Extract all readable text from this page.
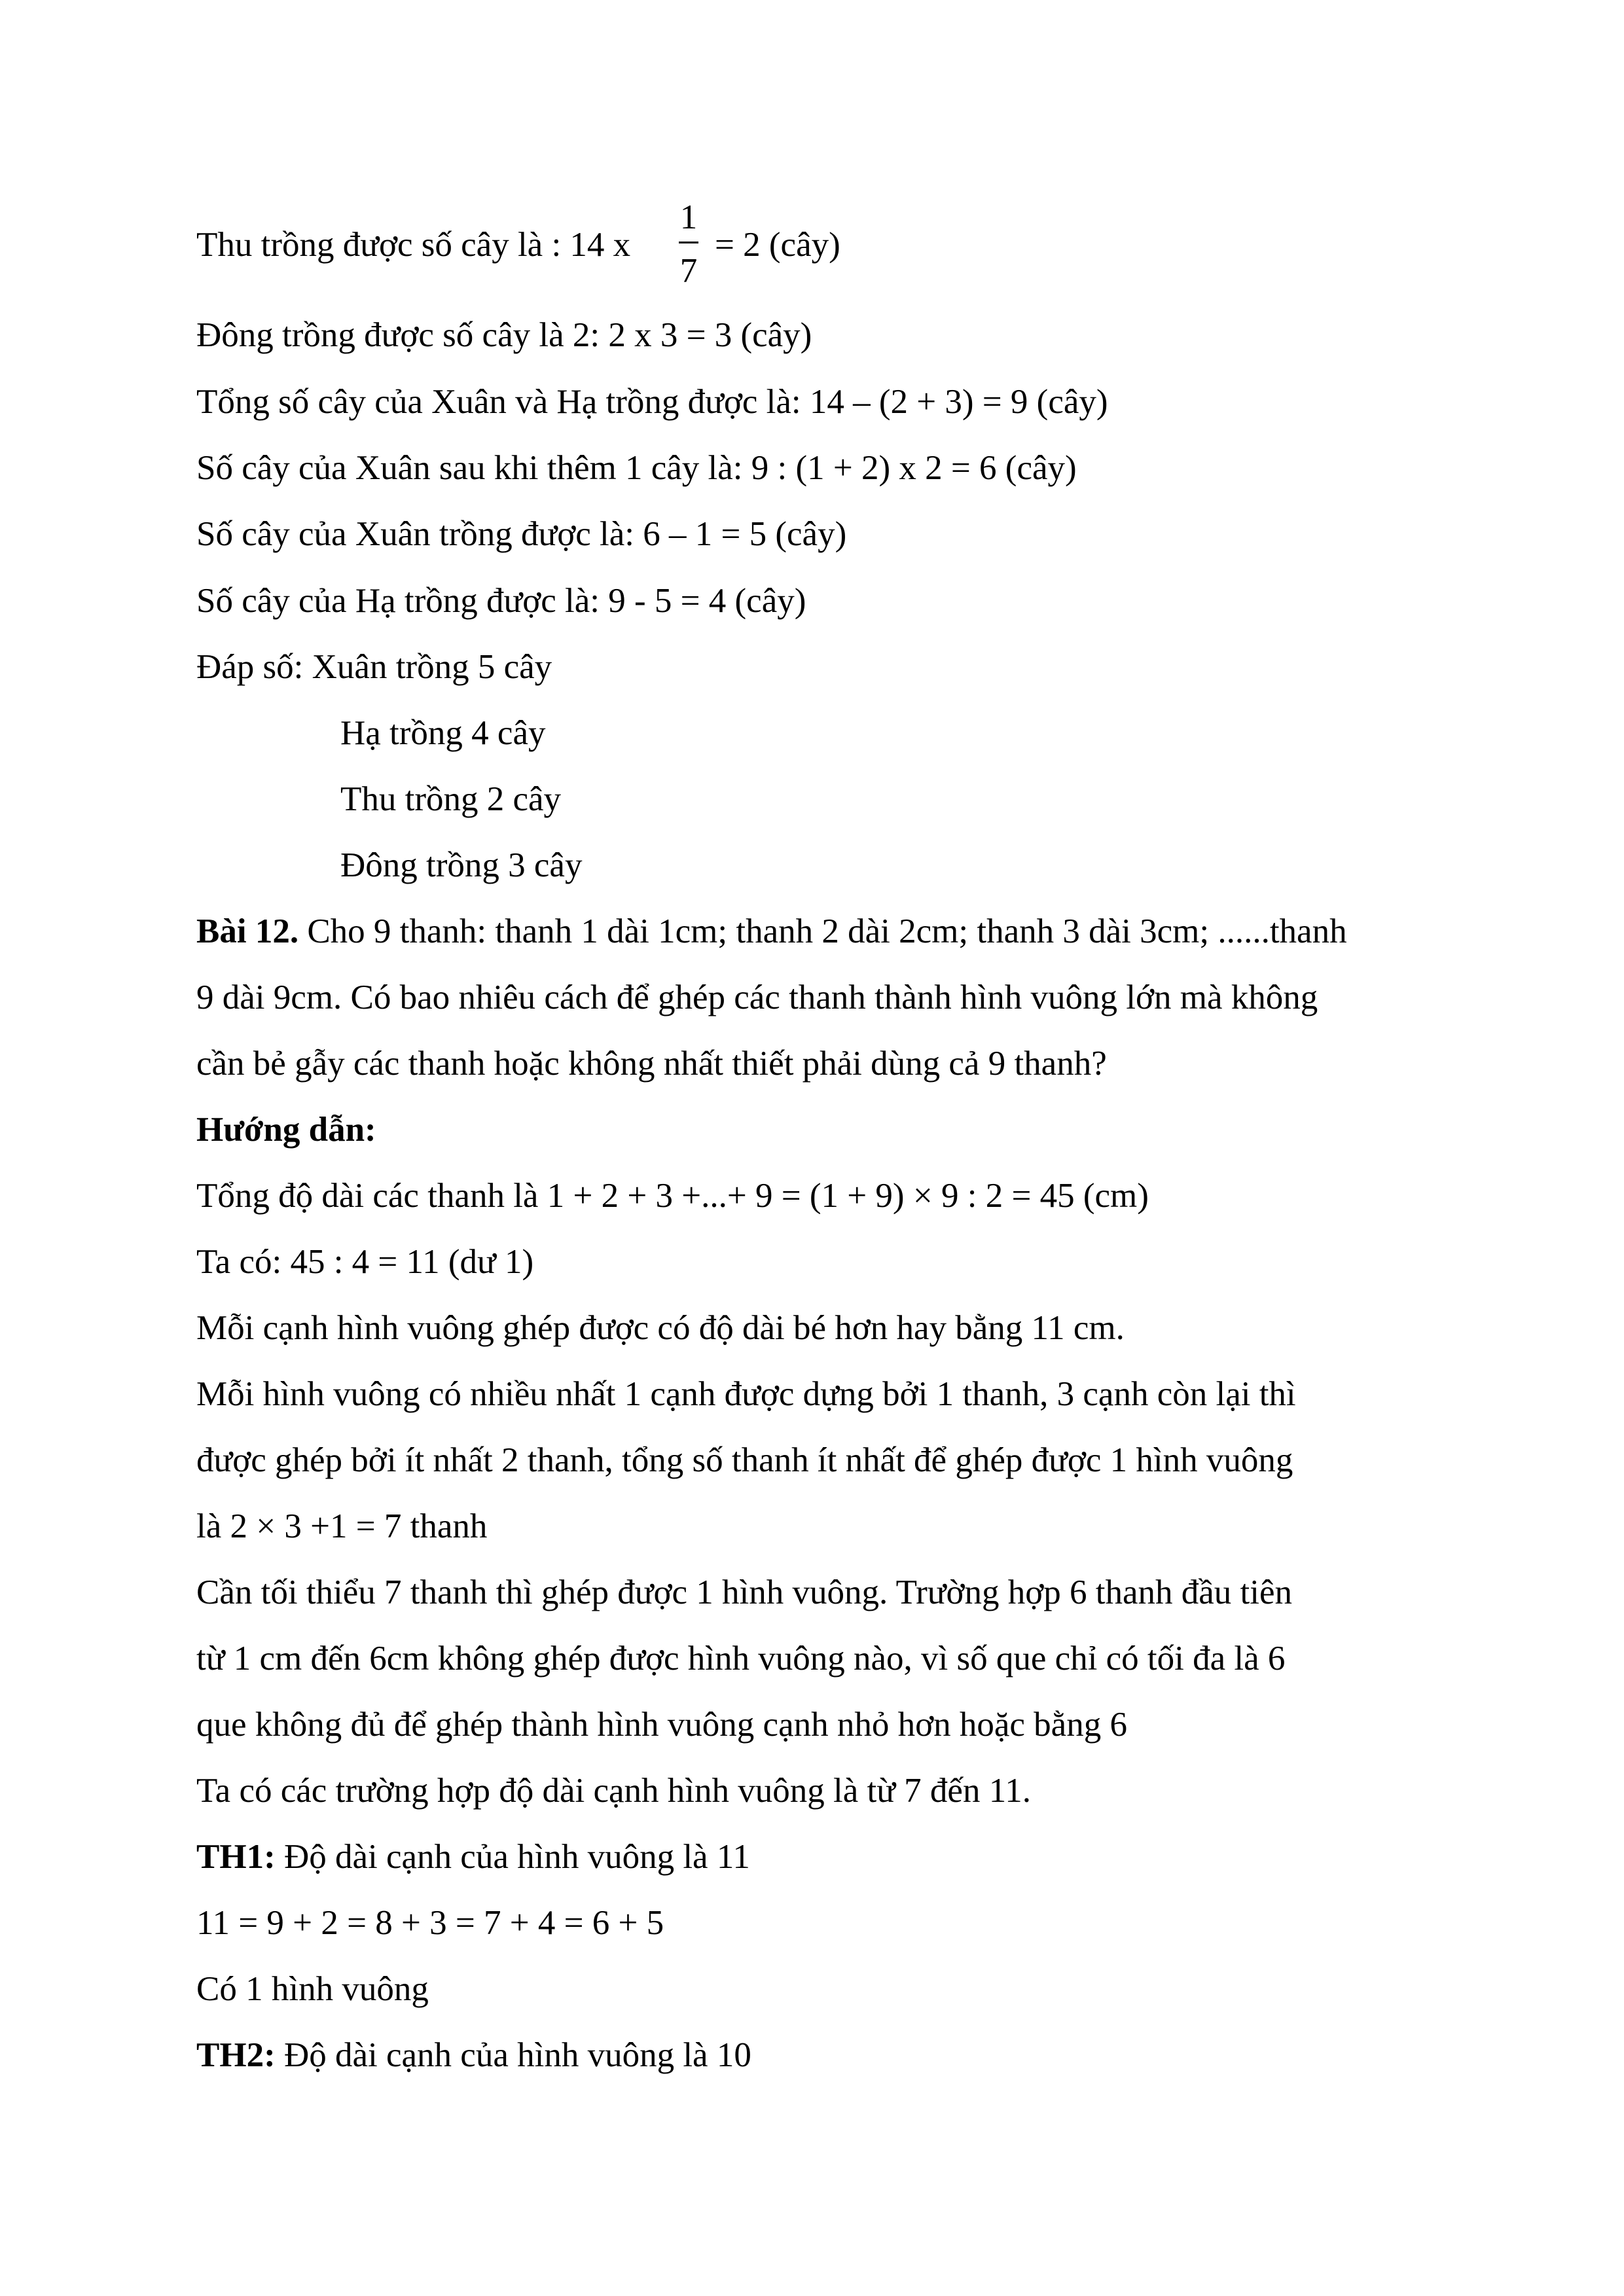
Thu trồng được số cây là : 14 x
1
7
= 2 (cây)
Đông trồng được số cây là 2: 2 x 3 = 3 (cây)
Tổng số cây của Xuân và Hạ trồng được là: 14 – (2 + 3) = 9 (cây)
Số cây của Xuân sau khi thêm 1 cây là: 9 : (1 + 2) x 2 = 6 (cây)
Số cây của Xuân trồng được là: 6 – 1 = 5 (cây)
Số cây của Hạ trồng được là: 9 - 5 = 4 (cây)
Đáp số: Xuân trồng 5 cây
Hạ trồng 4 cây
Thu trồng 2 cây
Đông trồng 3 cây
Bài 12. Cho 9 thanh: thanh 1 dài 1cm; thanh 2 dài 2cm; thanh 3 dài 3cm; ......thanh
9 dài 9cm. Có bao nhiêu cách để ghép các thanh thành hình vuông lớn mà không
cần bẻ gẫy các thanh hoặc không nhất thiết phải dùng cả 9 thanh?
Hướng dẫn:
Tổng độ dài các thanh là 1 + 2 + 3 +...+ 9 = (1 + 9) × 9 : 2 = 45 (cm)
Ta có: 45 : 4 = 11 (dư 1)
Mỗi cạnh hình vuông ghép được có độ dài bé hơn hay bằng 11 cm.
Mỗi hình vuông có nhiều nhất 1 cạnh được dựng bởi 1 thanh, 3 cạnh còn lại thì
được ghép bởi ít nhất 2 thanh, tổng số thanh ít nhất để ghép được 1 hình vuông
là 2 × 3 +1 = 7 thanh
Cần tối thiểu 7 thanh thì ghép được 1 hình vuông. Trường hợp 6 thanh đầu tiên
từ 1 cm đến 6cm không ghép được hình vuông nào, vì số que chỉ có tối đa là 6
que không đủ để ghép thành hình vuông cạnh nhỏ hơn hoặc bằng 6
Ta có các trường hợp độ dài cạnh hình vuông là từ 7 đến 11.
TH1: Độ dài cạnh của hình vuông là 11
11 = 9 + 2 = 8 + 3 = 7 + 4 = 6 + 5
Có 1 hình vuông
TH2: Độ dài cạnh của hình vuông là 10
